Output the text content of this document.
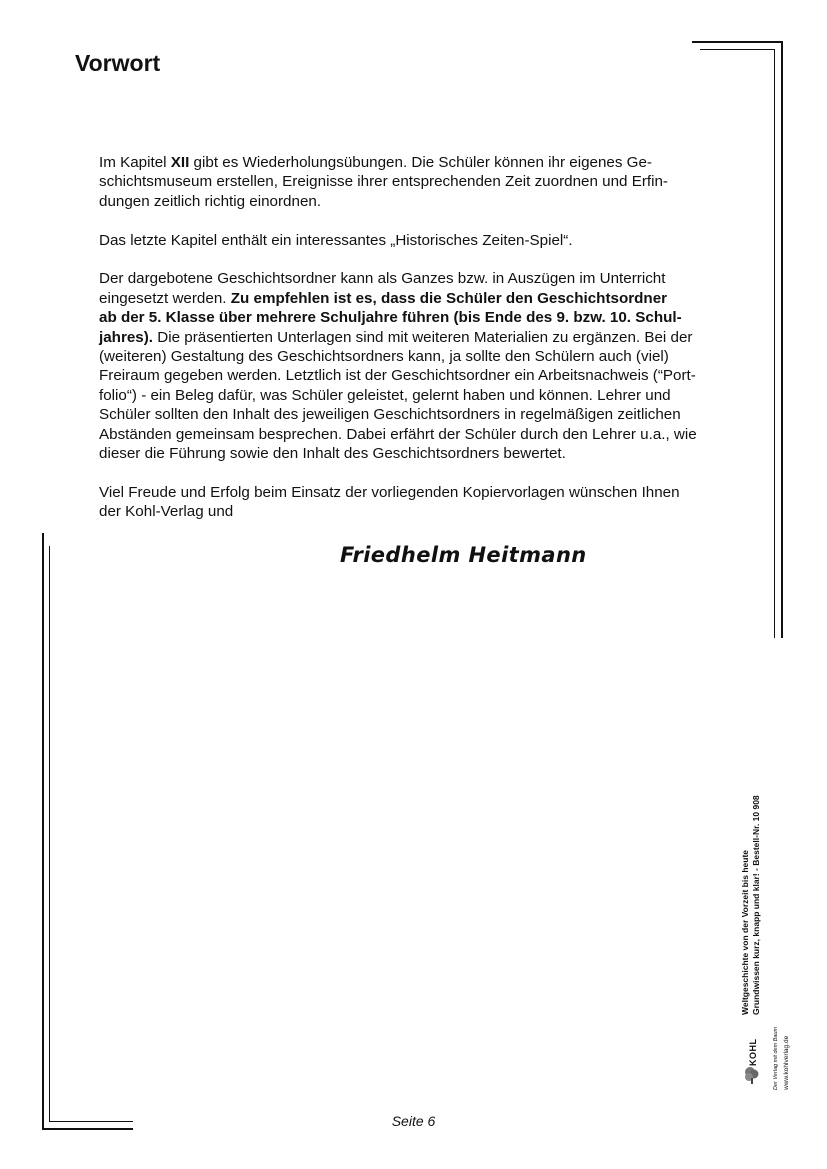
Vorwort

Im Kapitel XII gibt es Wiederholungsübungen. Die Schüler können ihr eigenes Ge-
schichtsmuseum erstellen, Ereignisse ihrer entsprechenden Zeit zuordnen und Erfin-
dungen zeitlich richtig einordnen.

Das letzte Kapitel enthält ein interessantes „Historisches Zeiten-Spiel“.

Der dargebotene Geschichtsordner kann als Ganzes bzw. in Auszügen im Unterricht
eingesetzt werden. Zu empfehlen ist es, dass die Schüler den Geschichtsordner
ab der 5. Klasse über mehrere Schuljahre führen (bis Ende des 9. bzw. 10. Schul-
jahres). Die präsentierten Unterlagen sind mit weiteren Materialien zu ergänzen. Bei der
(weiteren) Gestaltung des Geschichtsordners kann, ja sollte den Schülern auch (viel)
Freiraum gegeben werden. Letztlich ist der Geschichtsordner ein Arbeitsnachweis (“Port-
folio“) - ein Beleg dafür, was Schüler geleistet, gelernt haben und können. Lehrer und
Schüler sollten den Inhalt des jeweiligen Geschichtsordners in regelmäßigen zeitlichen
Abständen gemeinsam besprechen. Dabei erfährt der Schüler durch den Lehrer u.a., wie
dieser die Führung sowie den Inhalt des Geschichtsordners bewertet.

Viel Freude und Erfolg beim Einsatz der vorliegenden Kopiervorlagen wünschen Ihnen
der Kohl-Verlag und

Friedhelm Heitmann
Seite 6
Weltgeschichte von der Vorzeit bis heute Grundwissen kurz, knapp und klar! - Bestell-Nr. 10 908
Der Verlag mit dem Baum www.kohlverlag.de
KOHL
